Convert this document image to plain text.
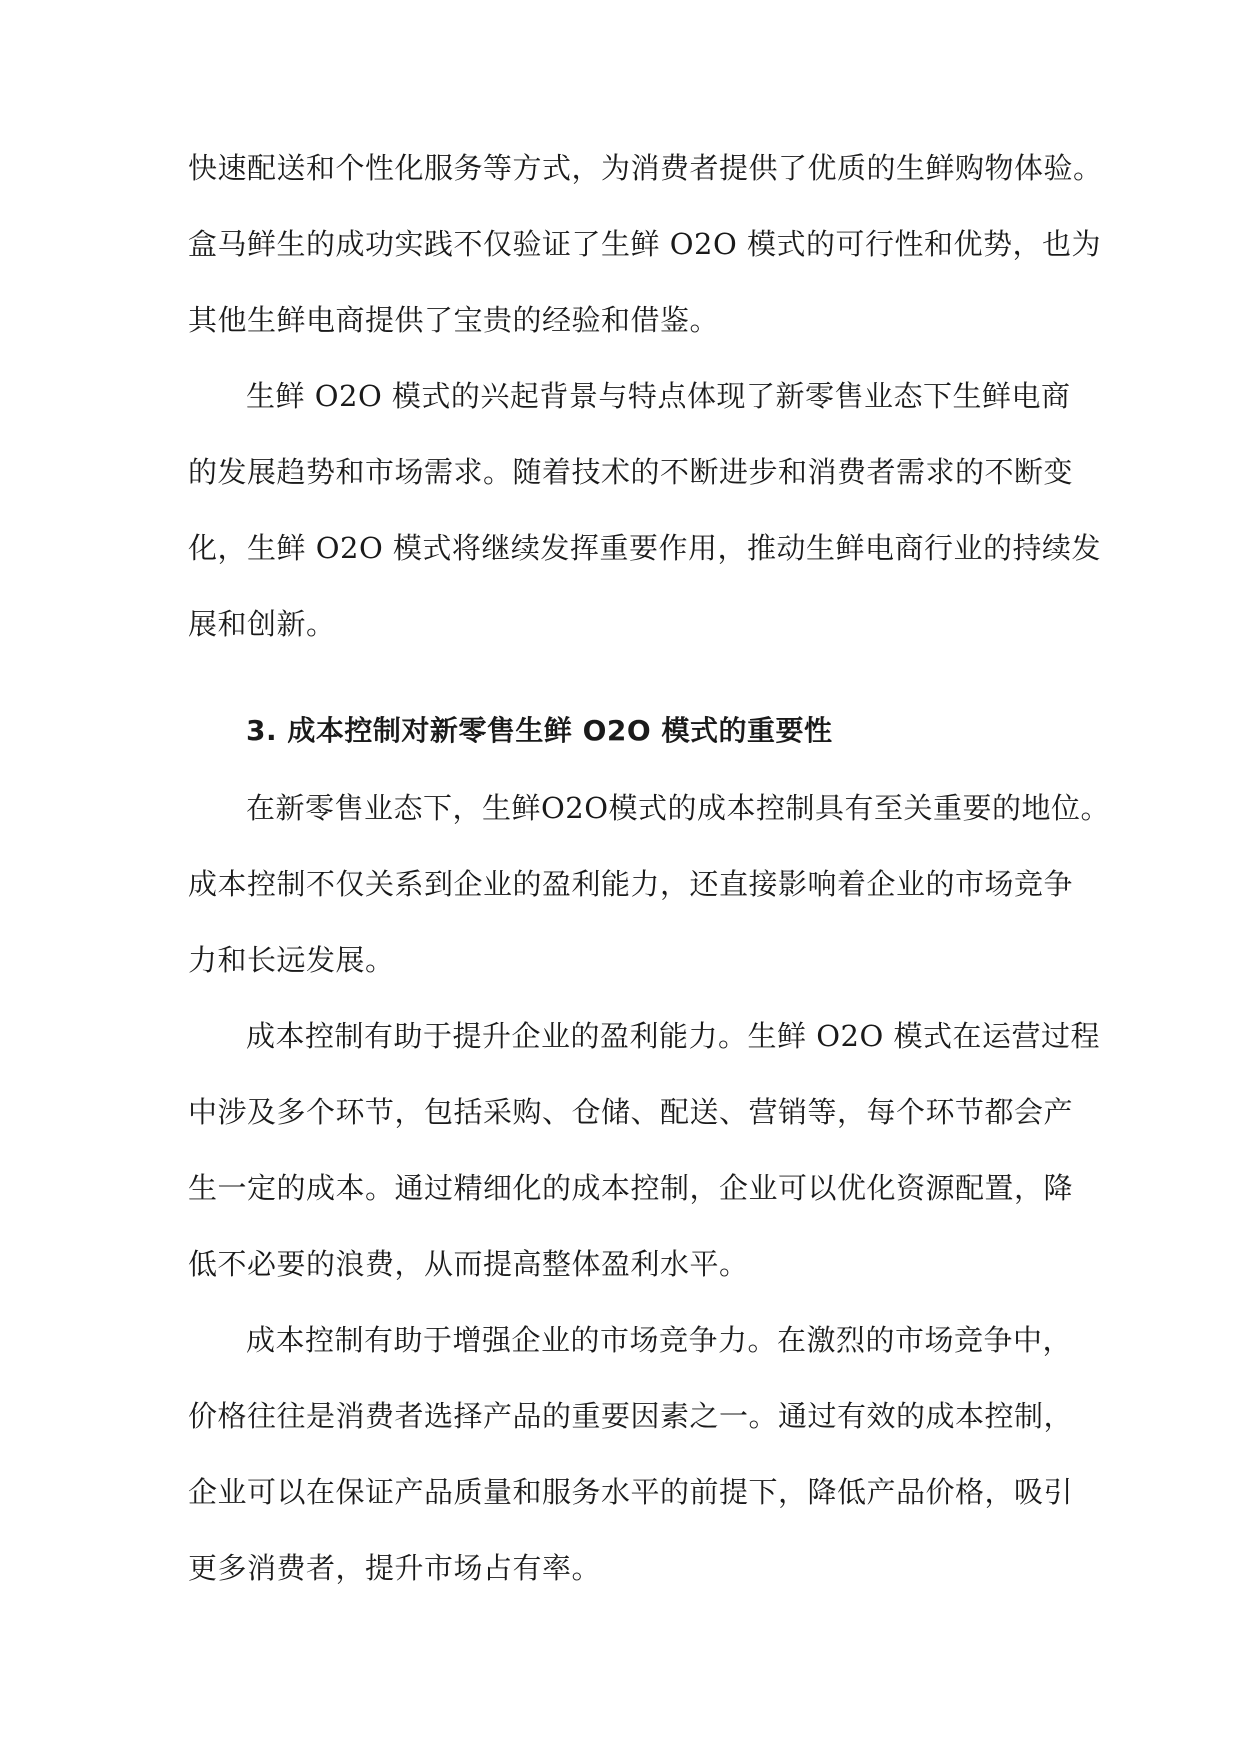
快速配送和个性化服务等方式，为消费者提供了优质的生鲜购物体验。
盒马鲜生的成功实践不仅验证了生鲜 O2O 模式的可行性和优势，也为
其他生鲜电商提供了宝贵的经验和借鉴。
生鲜 O2O 模式的兴起背景与特点体现了新零售业态下生鲜电商
的发展趋势和市场需求。随着技术的不断进步和消费者需求的不断变
化，生鲜 O2O 模式将继续发挥重要作用，推动生鲜电商行业的持续发
展和创新。
3. 成本控制对新零售生鲜 O2O 模式的重要性
在新零售业态下，生鲜O2O模式的成本控制具有至关重要的地位。
成本控制不仅关系到企业的盈利能力，还直接影响着企业的市场竞争
力和长远发展。
成本控制有助于提升企业的盈利能力。生鲜 O2O 模式在运营过程
中涉及多个环节，包括采购、仓储、配送、营销等，每个环节都会产
生一定的成本。通过精细化的成本控制，企业可以优化资源配置，降
低不必要的浪费，从而提高整体盈利水平。
成本控制有助于增强企业的市场竞争力。在激烈的市场竞争中，
价格往往是消费者选择产品的重要因素之一。通过有效的成本控制，
企业可以在保证产品质量和服务水平的前提下，降低产品价格，吸引
更多消费者，提升市场占有率。
